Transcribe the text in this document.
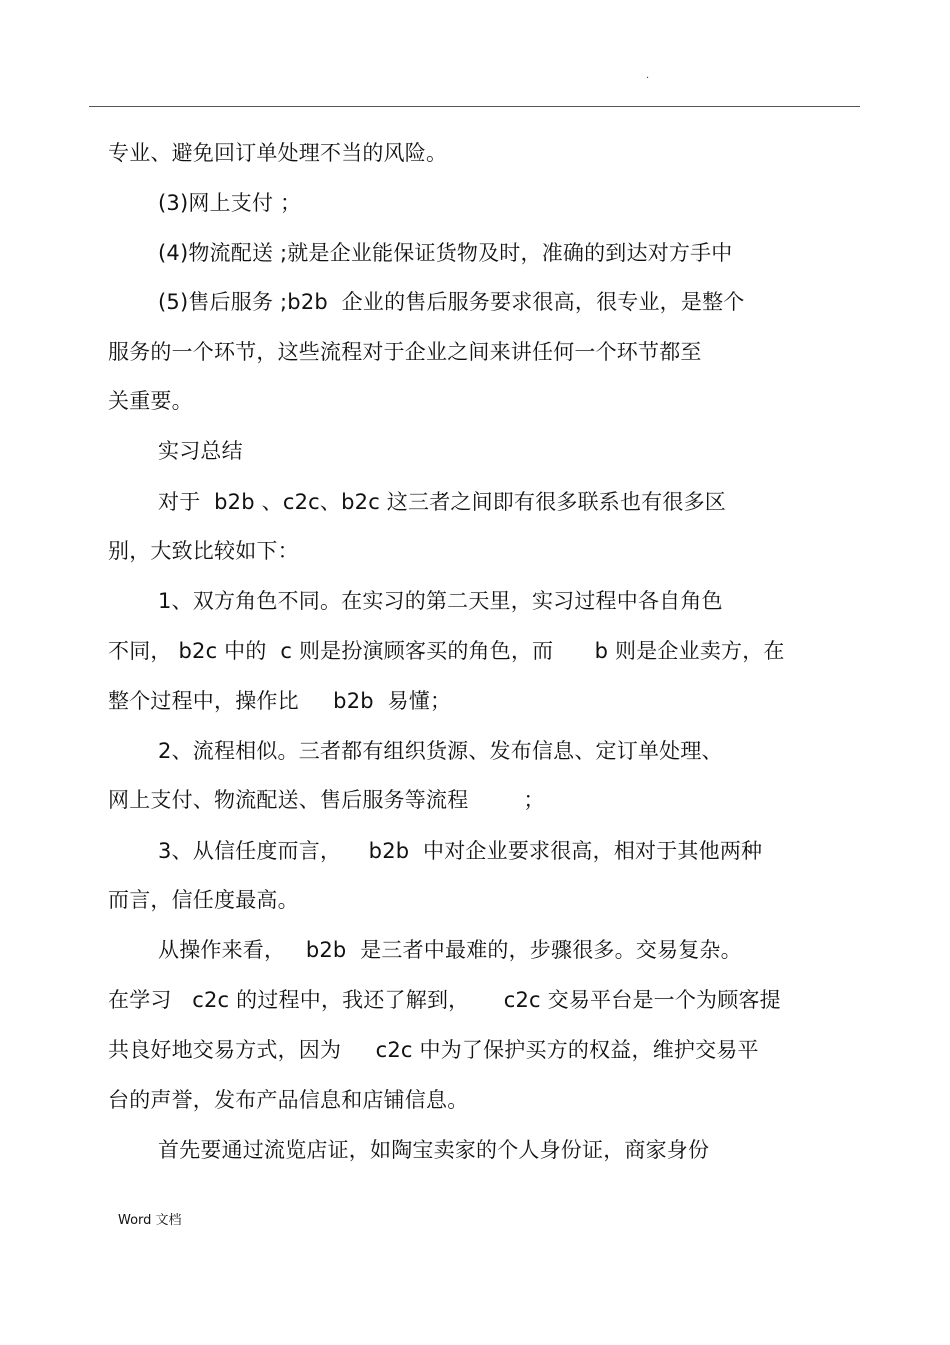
.
专业、避免回订单处理不当的风险。
(3)网上支付 ；
(4)物流配送 ;就是企业能保证货物及时，准确的到达对方手中
(5)售后服务 ;b2b  企业的售后服务要求很高，很专业，是整个
服务的一个环节，这些流程对于企业之间来讲任何一个环节都至
关重要。
实习总结
对于  b2b 、c2c、b2c 这三者之间即有很多联系也有很多区
别，大致比较如下：
1、双方角色不同。在实习的第二天里，实习过程中各自角色
不同， b2c 中的  c 则是扮演顾客买的角色，而      b 则是企业卖方，在
整个过程中，操作比     b2b  易懂；
2、流程相似。三者都有组织货源、发布信息、定订单处理、
网上支付、物流配送、售后服务等流程        ；
3、从信任度而言，    b2b  中对企业要求很高，相对于其他两种
而言，信任度最高。
从操作来看，   b2b  是三者中最难的，步骤很多。交易复杂。
在学习   c2c 的过程中，我还了解到，     c2c 交易平台是一个为顾客提
共良好地交易方式，因为     c2c 中为了保护买方的权益，维护交易平
台的声誉，发布产品信息和店铺信息。
首先要通过流览店证，如陶宝卖家的个人身份证，商家身份
Word 文档
